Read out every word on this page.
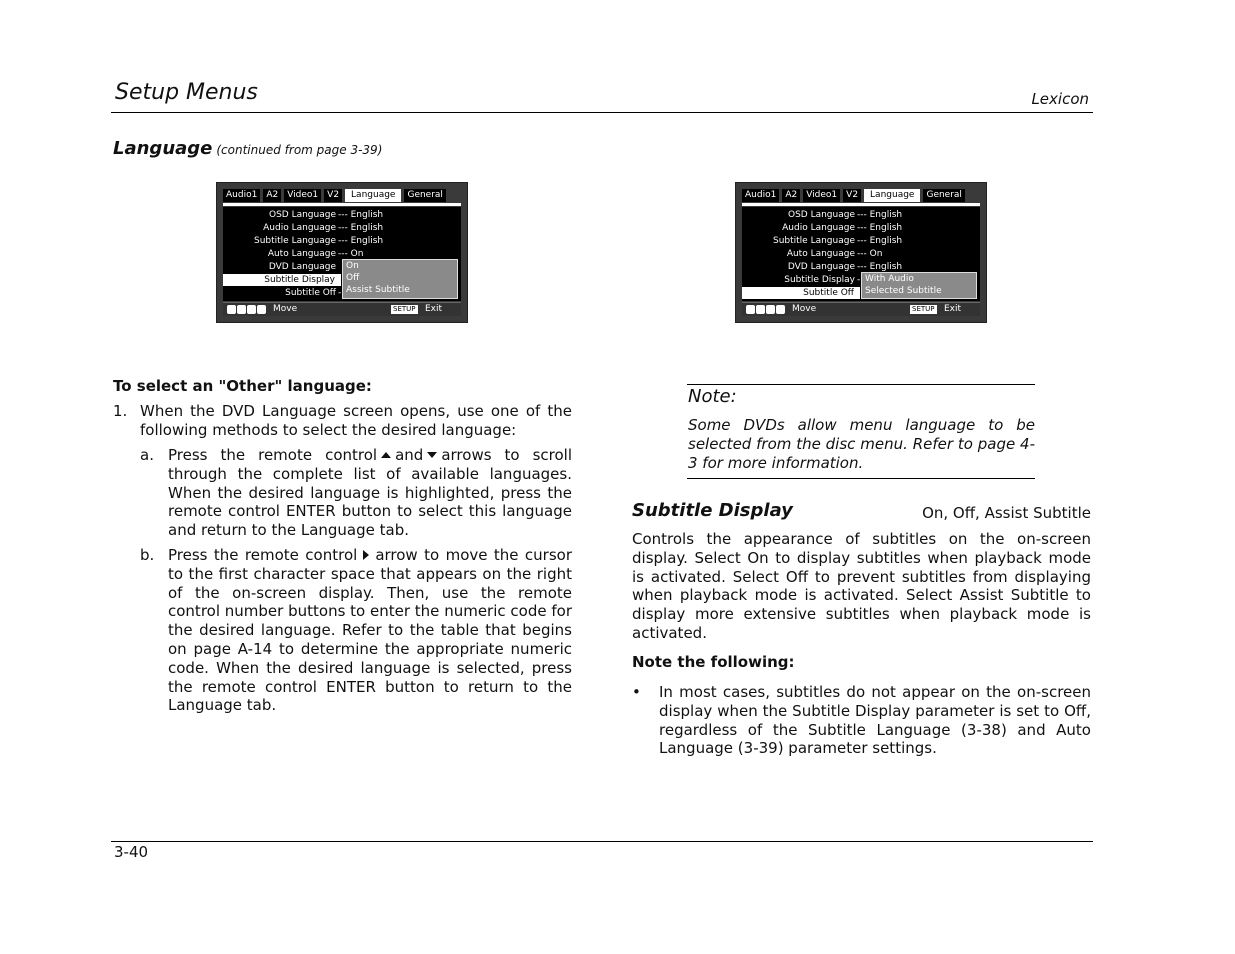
Setup Menus	Lexicon
Language (continued from page 3-39)
Audio1	A2	Video1	V2	Language	General
OSD Language --- English
Audio Language --- English
Subtitle Language --- English
Auto Language --- On
DVD Language
Subtitle Display
Subtitle Off -
On
Off
Assist Subtitle
Move	SETUP Exit
Audio1	A2	Video1	V2	Language	General
OSD Language --- English
Audio Language --- English
Subtitle Language --- English
Auto Language --- On
DVD Language --- English
Subtitle Display -
Subtitle Off
With Audio
Selected Subtitle
Move	SETUP Exit
To select an "Other" language:
1. When the DVD Language screen opens, use one of the following methods to select the desired language:
a. Press the remote control and arrows to scroll through the complete list of available languages. When the desired language is highlighted, press the remote control ENTER button to select this language and return to the Language tab.
b. Press the remote control arrow to move the cursor to the first character space that appears on the right of the on-screen display. Then, use the remote control number buttons to enter the numeric code for the desired language. Refer to the table that begins on page A-14 to determine the appropriate numeric code. When the desired language is selected, press the remote control ENTER button to return to the Language tab.
Note:
Some DVDs allow menu language to be selected from the disc menu. Refer to page 4-3 for more information.
Subtitle Display	On, Off, Assist Subtitle
Controls the appearance of subtitles on the on-screen display. Select On to display subtitles when playback mode is activated. Select Off to prevent subtitles from displaying when playback mode is activated. Select Assist Subtitle to display more extensive subtitles when playback mode is activated.
Note the following:
• In most cases, subtitles do not appear on the on-screen display when the Subtitle Display parameter is set to Off, regardless of the Subtitle Language (3-38) and Auto Language (3-39) parameter settings.
3-40
